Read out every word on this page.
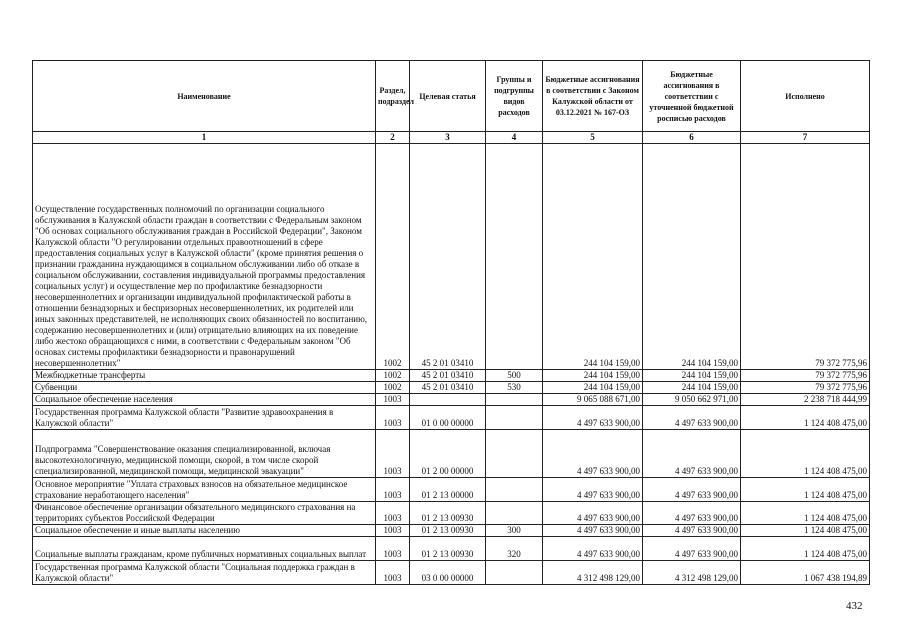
Наименование	Раздел, подраздел	Целевая статья	Группы и подгруппы видов расходов	Бюджетные ассигнования в соответствии с Законом Калужской области от 03.12.2021 № 167-ОЗ	Бюджетные ассигнования в соответствии с уточненной бюджетной росписью расходов	Исполнено
1	2	3	4	5	6	7
Осуществление государственных полномочий по организации социального обслуживания в Калужской области граждан в соответствии с Федеральным законом "Об основах социального обслуживания граждан в Российской Федерации", Законом Калужской области "О регулировании отдельных правоотношений в сфере предоставления социальных услуг в Калужской области" (кроме принятия решения о признании гражданина нуждающимся в социальном обслуживании либо об отказе в социальном обслуживании, составления индивидуальной программы предоставления социальных услуг) и осуществление мер по профилактике безнадзорности несовершеннолетних и организации индивидуальной профилактической работы в отношении безнадзорных и беспризорных несовершеннолетних, их родителей или иных законных представителей, не исполняющих своих обязанностей по воспитанию, содержанию несовершеннолетних и (или) отрицательно влияющих на их поведение либо жестоко обращающихся с ними, в соответствии с Федеральным законом "Об основах системы профилактики безнадзорности и правонарушений несовершеннолетних"	1002	45 2 01 03410		244 104 159,00	244 104 159,00	79 372 775,96
Межбюджетные трансферты	1002	45 2 01 03410	500	244 104 159,00	244 104 159,00	79 372 775,96
Субвенции	1002	45 2 01 03410	530	244 104 159,00	244 104 159,00	79 372 775,96
Социальное обеспечение населения	1003			9 065 088 671,00	9 050 662 971,00	2 238 718 444,99
Государственная программа Калужской области "Развитие здравоохранения в Калужской области"	1003	01 0 00 00000		4 497 633 900,00	4 497 633 900,00	1 124 408 475,00
Подпрограмма "Совершенствование оказания специализированной, включая высокотехнологичную, медицинской помощи, скорой, в том числе скорой специализированной, медицинской помощи, медицинской эвакуации"	1003	01 2 00 00000		4 497 633 900,00	4 497 633 900,00	1 124 408 475,00
Основное мероприятие "Уплата страховых взносов на обязательное медицинское страхование неработающего населения"	1003	01 2 13 00000		4 497 633 900,00	4 497 633 900,00	1 124 408 475,00
Финансовое обеспечение организации обязательного медицинского страхования на территориях субъектов Российской Федерации	1003	01 2 13 00930		4 497 633 900,00	4 497 633 900,00	1 124 408 475,00
Социальное обеспечение и иные выплаты населению	1003	01 2 13 00930	300	4 497 633 900,00	4 497 633 900,00	1 124 408 475,00
Социальные выплаты гражданам, кроме публичных нормативных социальных выплат	1003	01 2 13 00930	320	4 497 633 900,00	4 497 633 900,00	1 124 408 475,00
Государственная программа Калужской области "Социальная поддержка граждан в Калужской области"	1003	03 0 00 00000		4 312 498 129,00	4 312 498 129,00	1 067 438 194,89
432
